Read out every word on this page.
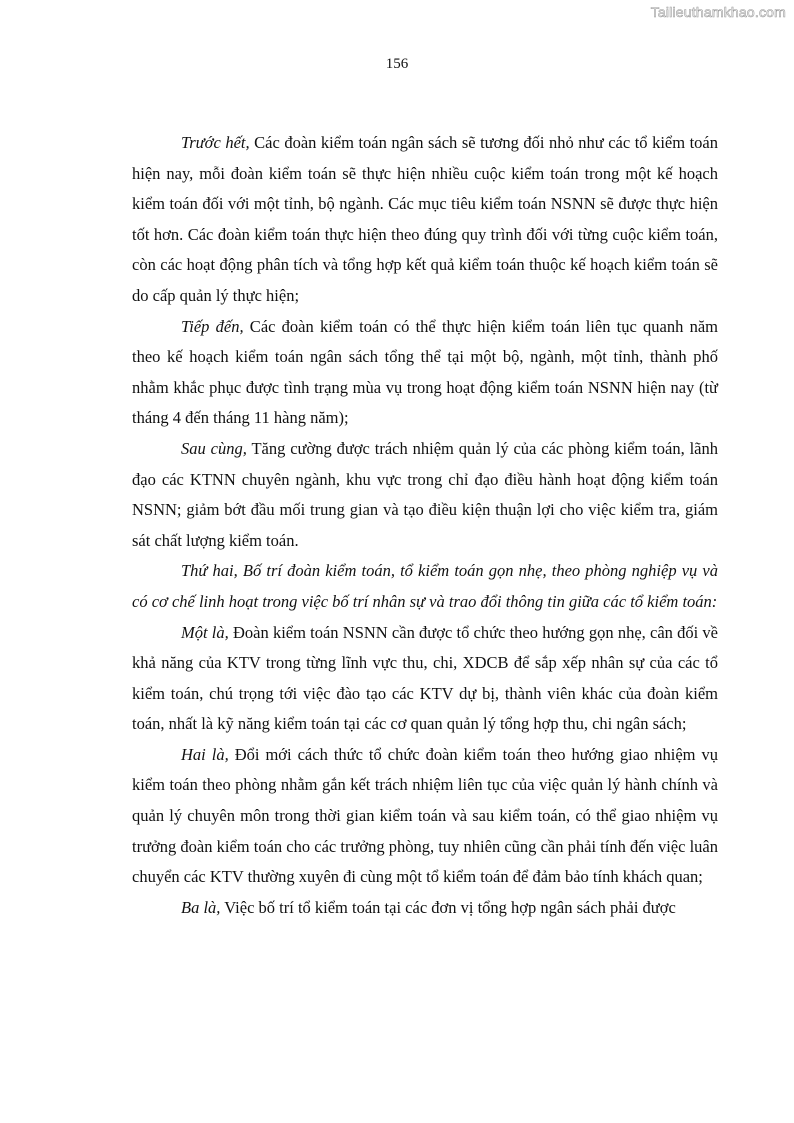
Tailieuthamkhao.com
156

Trước hết, Các đoàn kiểm toán ngân sách sẽ tương đối nhỏ như các tổ kiểm toán hiện nay, mỗi đoàn kiểm toán sẽ thực hiện nhiều cuộc kiểm toán trong một kế hoạch kiểm toán đối với một tỉnh, bộ ngành. Các mục tiêu kiểm toán NSNN sẽ được thực hiện tốt hơn. Các đoàn kiểm toán thực hiện theo đúng quy trình đối với từng cuộc kiểm toán, còn các hoạt động phân tích và tổng hợp kết quả kiểm toán thuộc kế hoạch kiểm toán sẽ do cấp quản lý thực hiện;

Tiếp đến, Các đoàn kiểm toán có thể thực hiện kiểm toán liên tục quanh năm theo kế hoạch kiểm toán ngân sách tổng thể tại một bộ, ngành, một tỉnh, thành phố nhằm khắc phục được tình trạng mùa vụ trong hoạt động kiểm toán NSNN hiện nay (từ tháng 4 đến tháng 11 hàng năm);

Sau cùng, Tăng cường được trách nhiệm quản lý của các phòng kiểm toán, lãnh đạo các KTNN chuyên ngành, khu vực trong chỉ đạo điều hành hoạt động kiểm toán NSNN; giảm bớt đầu mối trung gian và tạo điều kiện thuận lợi cho việc kiểm tra, giám sát chất lượng kiểm toán.

Thứ hai, Bố trí đoàn kiểm toán, tổ kiểm toán gọn nhẹ, theo phòng nghiệp vụ và có cơ chế linh hoạt trong việc bố trí nhân sự và trao đổi thông tin giữa các tổ kiểm toán:

Một là, Đoàn kiểm toán NSNN cần được tổ chức theo hướng gọn nhẹ, cân đối về khả năng của KTV trong từng lĩnh vực thu, chi, XDCB để sắp xếp nhân sự của các tổ kiểm toán, chú trọng tới việc đào tạo các KTV dự bị, thành viên khác của đoàn kiểm toán, nhất là kỹ năng kiểm toán tại các cơ quan quản lý tổng hợp thu, chi ngân sách;

Hai là, Đổi mới cách thức tổ chức đoàn kiểm toán theo hướng giao nhiệm vụ kiểm toán theo phòng nhằm gắn kết trách nhiệm liên tục của việc quản lý hành chính và quản lý chuyên môn trong thời gian kiểm toán và sau kiểm toán, có thể giao nhiệm vụ trưởng đoàn kiểm toán cho các trưởng phòng, tuy nhiên cũng cần phải tính đến việc luân chuyển các KTV thường xuyên đi cùng một tổ kiểm toán để đảm bảo tính khách quan;

Ba là, Việc bố trí tổ kiểm toán tại các đơn vị tổng hợp ngân sách phải được
